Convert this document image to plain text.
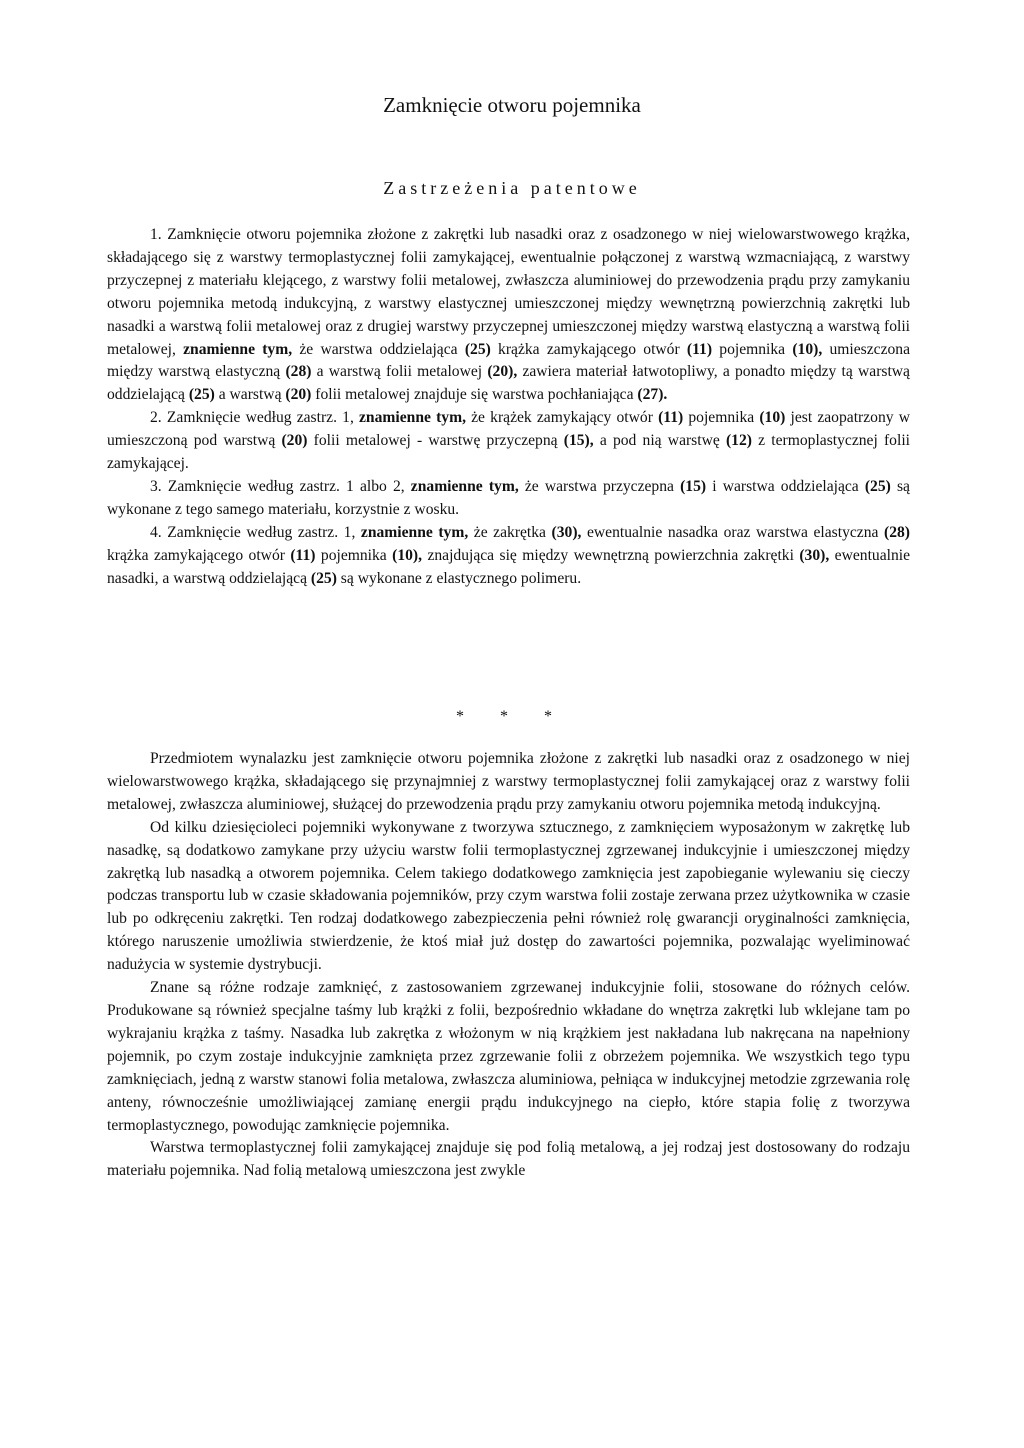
Zamknięcie otworu pojemnika
Zastrzeżenia patentowe

1. Zamknięcie otworu pojemnika złożone z zakrętki lub nasadki oraz z osadzonego w niej wielowarstwowego krążka, składającego się z warstwy termoplastycznej folii zamykającej, ewentualnie połączonej z warstwą wzmacniającą, z warstwy przyczepnej z materiału klejącego, z warstwy folii metalowej, zwłaszcza aluminiowej do przewodzenia prądu przy zamykaniu otworu pojemnika metodą indukcyjną, z warstwy elastycznej umieszczonej między wewnętrzną powierzchnią zakrętki lub nasadki a warstwą folii metalowej oraz z drugiej warstwy przyczepnej umieszczonej między warstwą elastyczną a warstwą folii metalowej, znamienne tym, że warstwa oddzielająca (25) krążka zamykającego otwór (11) pojemnika (10), umieszczona między warstwą elastyczną (28) a warstwą folii metalowej (20), zawiera materiał łatwotopliwy, a ponadto między tą warstwą oddzielającą (25) a warstwą (20) folii metalowej znajduje się warstwa pochłaniająca (27).

2. Zamknięcie według zastrz. 1, znamienne tym, że krążek zamykający otwór (11) pojemnika (10) jest zaopatrzony w umieszczoną pod warstwą (20) folii metalowej - warstwę przyczepną (15), a pod nią warstwę (12) z termoplastycznej folii zamykającej.

3. Zamknięcie według zastrz. 1 albo 2, znamienne tym, że warstwa przyczepna (15) i warstwa oddzielająca (25) są wykonane z tego samego materiału, korzystnie z wosku.

4. Zamknięcie według zastrz. 1, znamienne tym, że zakrętka (30), ewentualnie nasadka oraz warstwa elastyczna (28) krążka zamykającego otwór (11) pojemnika (10), znajdująca się między wewnętrzną powierzchnia zakrętki (30), ewentualnie nasadki, a warstwą oddzielającą (25) są wykonane z elastycznego polimeru.

* * *

Przedmiotem wynalazku jest zamknięcie otworu pojemnika złożone z zakrętki lub nasadki oraz z osadzonego w niej wielowarstwowego krążka, składającego się przynajmniej z warstwy termoplastycznej folii zamykającej oraz z warstwy folii metalowej, zwłaszcza aluminiowej, służącej do przewodzenia prądu przy zamykaniu otworu pojemnika metodą indukcyjną.

Od kilku dziesięcioleci pojemniki wykonywane z tworzywa sztucznego, z zamknięciem wyposażonym w zakrętkę lub nasadkę, są dodatkowo zamykane przy użyciu warstw folii termoplastycznej zgrzewanej indukcyjnie i umieszczonej między zakrętką lub nasadką a otworem pojemnika. Celem takiego dodatkowego zamknięcia jest zapobieganie wylewaniu się cieczy podczas transportu lub w czasie składowania pojemników, przy czym warstwa folii zostaje zerwana przez użytkownika w czasie lub po odkręceniu zakrętki. Ten rodzaj dodatkowego zabezpieczenia pełni również rolę gwarancji oryginalności zamknięcia, którego naruszenie umożliwia stwierdzenie, że ktoś miał już dostęp do zawartości pojemnika, pozwalając wyeliminować nadużycia w systemie dystrybucji.

Znane są różne rodzaje zamknięć, z zastosowaniem zgrzewanej indukcyjnie folii, stosowane do różnych celów. Produkowane są również specjalne taśmy lub krążki z folii, bezpośrednio wkładane do wnętrza zakrętki lub wklejane tam po wykrajaniu krążka z taśmy. Nasadka lub zakrętka z włożonym w nią krążkiem jest nakładana lub nakręcana na napełniony pojemnik, po czym zostaje indukcyjnie zamknięta przez zgrzewanie folii z obrzeżem pojemnika. We wszystkich tego typu zamknięciach, jedną z warstw stanowi folia metalowa, zwłaszcza aluminiowa, pełniąca w indukcyjnej metodzie zgrzewania rolę anteny, równocześnie umożliwiającej zamianę energii prądu indukcyjnego na ciepło, które stapia folię z tworzywa termoplastycznego, powodując zamknięcie pojemnika.

Warstwa termoplastycznej folii zamykającej znajduje się pod folią metalową, a jej rodzaj jest dostosowany do rodzaju materiału pojemnika. Nad folią metalową umieszczona jest zwykle
